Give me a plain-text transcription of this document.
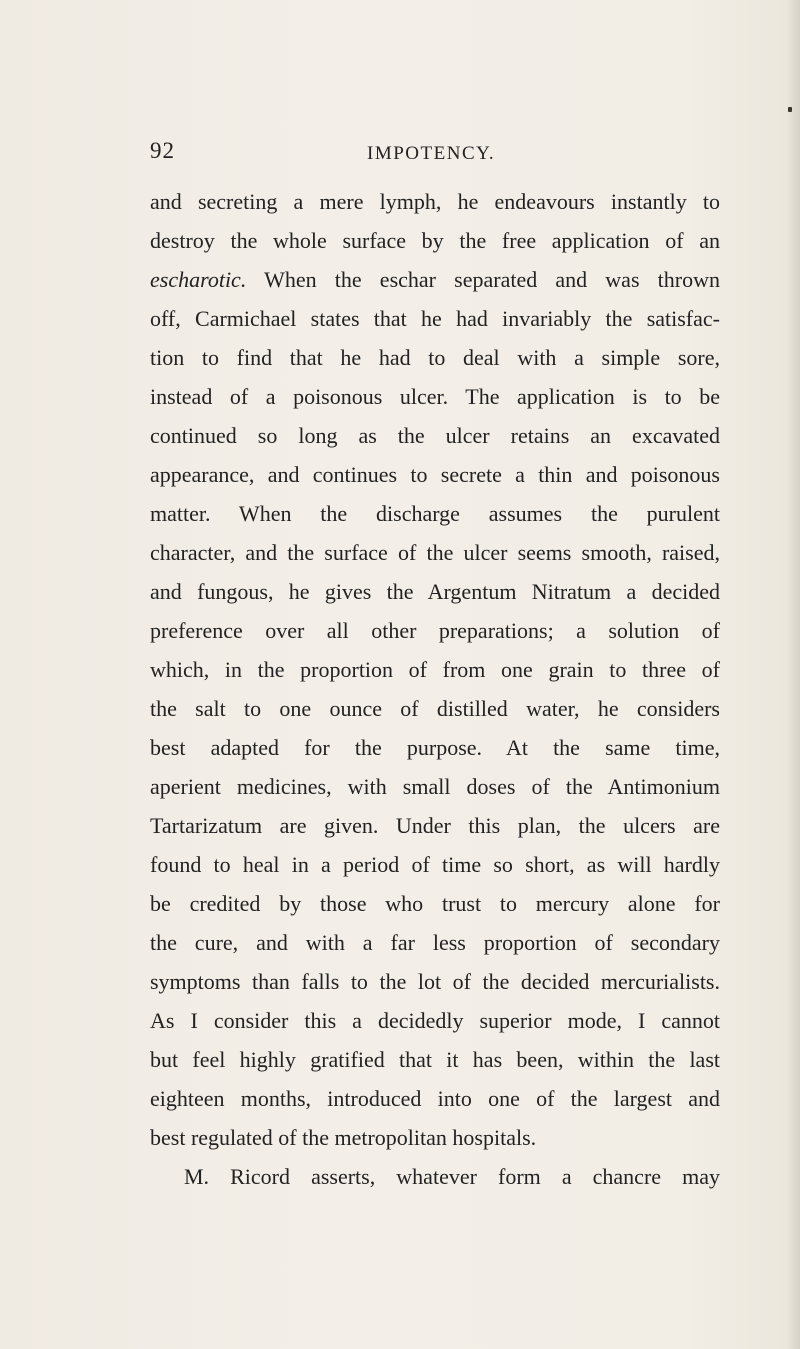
92	IMPOTENCY.
and secreting a mere lymph, he endeavours instantly to
destroy the whole surface by the free application of an
escharotic. When the eschar separated and was thrown
off, Carmichael states that he had invariably the satisfac-
tion to find that he had to deal with a simple sore,
instead of a poisonous ulcer. The application is to be
continued so long as the ulcer retains an excavated
appearance, and continues to secrete a thin and poisonous
matter. When the discharge assumes the purulent
character, and the surface of the ulcer seems smooth, raised,
and fungous, he gives the Argentum Nitratum a decided
preference over all other preparations; a solution of
which, in the proportion of from one grain to three of
the salt to one ounce of distilled water, he considers
best adapted for the purpose. At the same time,
aperient medicines, with small doses of the Antimonium
Tartarizatum are given. Under this plan, the ulcers are
found to heal in a period of time so short, as will hardly
be credited by those who trust to mercury alone for
the cure, and with a far less proportion of secondary
symptoms than falls to the lot of the decided mercurialists.
As I consider this a decidedly superior mode, I cannot
but feel highly gratified that it has been, within the last
eighteen months, introduced into one of the largest and
best regulated of the metropolitan hospitals.
M. Ricord asserts, whatever form a chancre may
